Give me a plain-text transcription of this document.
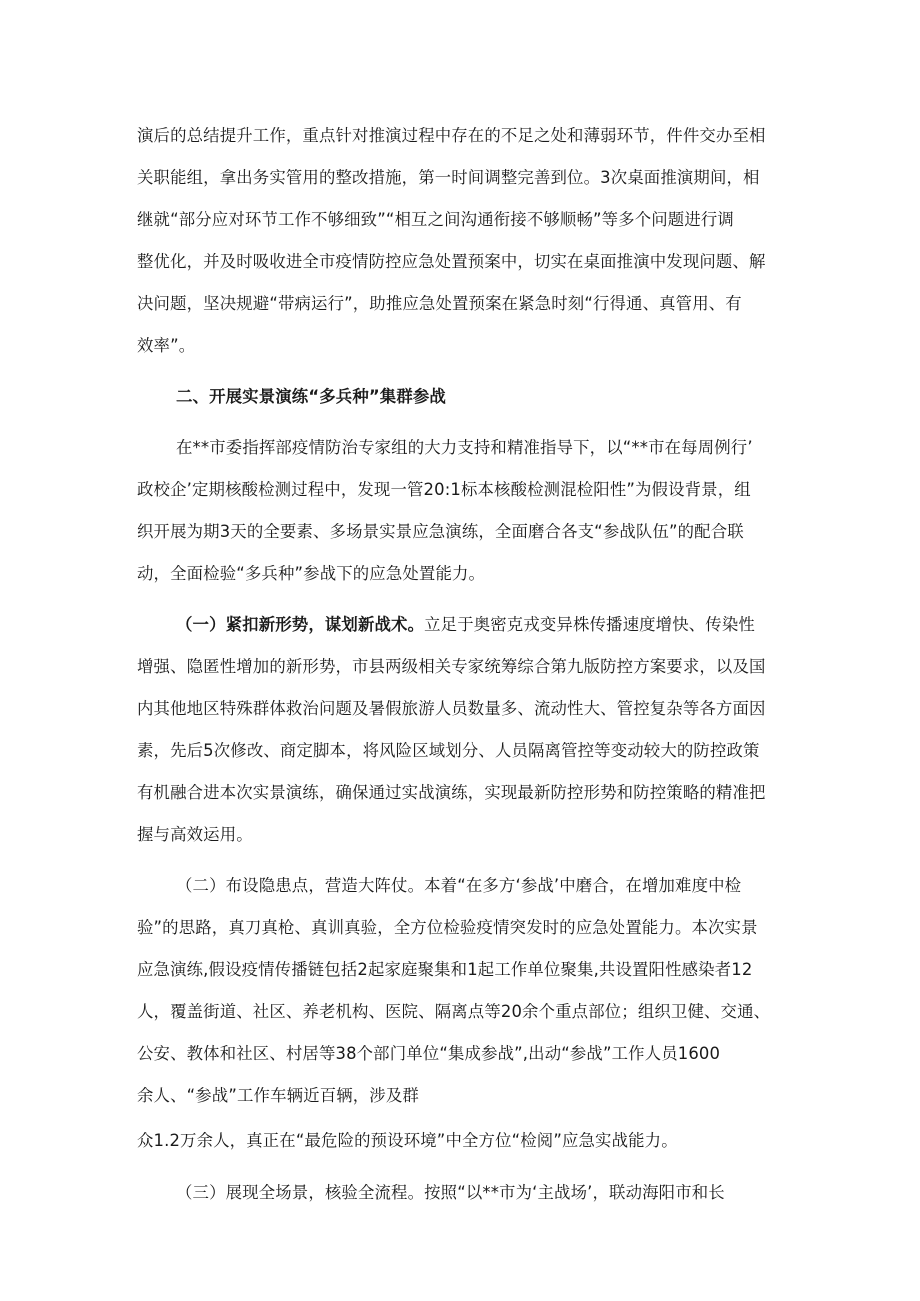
演后的总结提升工作，重点针对推演过程中存在的不足之处和薄弱环节，件件交办至相
关职能组，拿出务实管用的整改措施，第一时间调整完善到位。3次桌面推演期间，相
继就“部分应对环节工作不够细致”“相互之间沟通衔接不够顺畅”等多个问题进行调
整优化，并及时吸收进全市疫情防控应急处置预案中，切实在桌面推演中发现问题、解
决问题，坚决规避“带病运行”，助推应急处置预案在紧急时刻“行得通、真管用、有
效率”。
二、开展实景演练“多兵种”集群参战
在**市委指挥部疫情防治专家组的大力支持和精准指导下，以“**市在每周例行’
政校企’定期核酸检测过程中，发现一管20:1标本核酸检测混检阳性”为假设背景，组
织开展为期3天的全要素、多场景实景应急演练，全面磨合各支“参战队伍”的配合联
动，全面检验“多兵种”参战下的应急处置能力。
（一）紧扣新形势，谋划新战术。立足于奥密克戎变异株传播速度增快、传染性
增强、隐匿性增加的新形势，市县两级相关专家统筹综合第九版防控方案要求，以及国
内其他地区特殊群体救治问题及暑假旅游人员数量多、流动性大、管控复杂等各方面因
素，先后5次修改、商定脚本，将风险区域划分、人员隔离管控等变动较大的防控政策
有机融合进本次实景演练，确保通过实战演练，实现最新防控形势和防控策略的精准把
握与高效运用。
（二）布设隐患点，营造大阵仗。本着“在多方‘参战’中磨合，在增加难度中检
验”的思路，真刀真枪、真训真验，全方位检验疫情突发时的应急处置能力。本次实景
应急演练,假设疫情传播链包括2起家庭聚集和1起工作单位聚集,共设置阳性感染者12
人，覆盖街道、社区、养老机构、医院、隔离点等20余个重点部位；组织卫健、交通、
公安、教体和社区、村居等38个部门单位“集成参战”,出动“参战”工作人员1600
余人、“参战”工作车辆近百辆，涉及群
众1.2万余人，真正在“最危险的预设环境”中全方位“检阅”应急实战能力。
（三）展现全场景，核验全流程。按照“以**市为‘主战场’，联动海阳市和长
